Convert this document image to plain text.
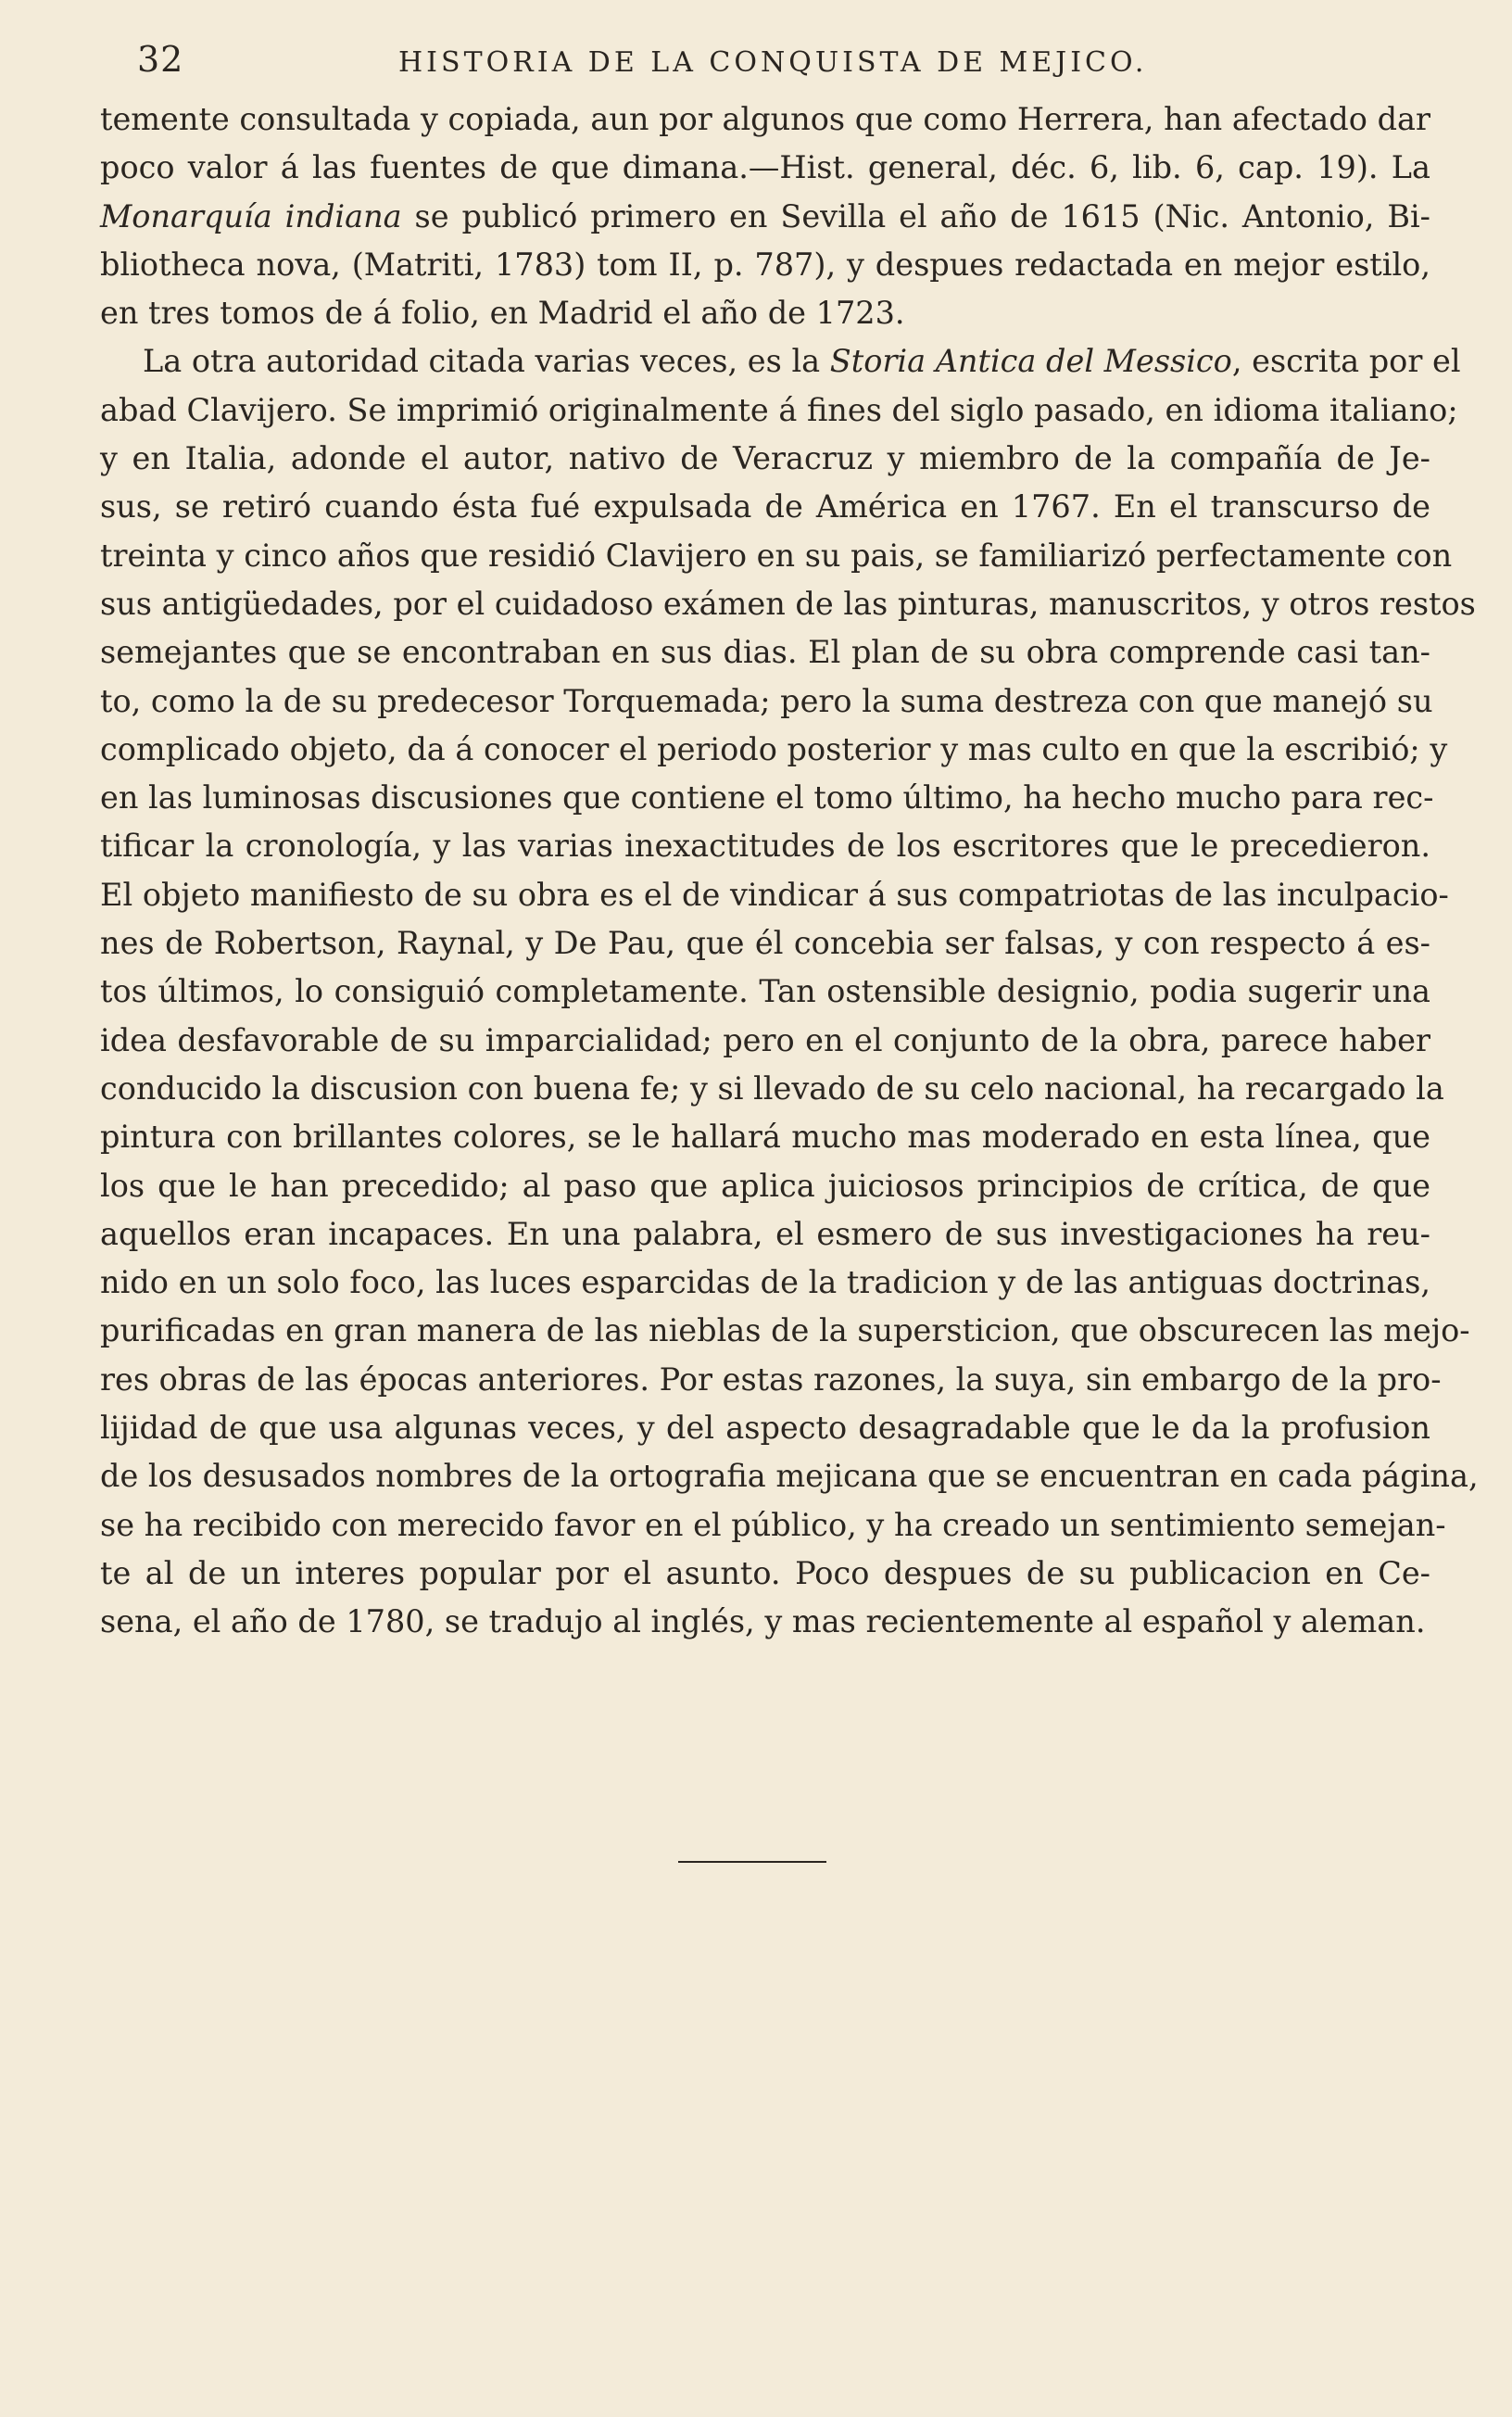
32	HISTORIA DE LA CONQUISTA DE MEJICO.
temente consultada y copiada, aun por algunos que como Herrera, han afectado dar
poco valor á las fuentes de que dimana.—Hist. general, déc. 6, lib. 6, cap. 19). La
Monarquía indiana se publicó primero en Sevilla el año de 1615 (Nic. Antonio, Bi-
bliotheca nova, (Matriti, 1783) tom II, p. 787), y despues redactada en mejor estilo,
en tres tomos de á folio, en Madrid el año de 1723.
La otra autoridad citada varias veces, es la Storia Antica del Messico, escrita por el
abad Clavijero. Se imprimió originalmente á fines del siglo pasado, en idioma italiano;
y en Italia, adonde el autor, nativo de Veracruz y miembro de la compañía de Je-
sus, se retiró cuando ésta fué expulsada de América en 1767. En el transcurso de
treinta y cinco años que residió Clavijero en su pais, se familiarizó perfectamente con
sus antigüedades, por el cuidadoso exámen de las pinturas, manuscritos, y otros restos
semejantes que se encontraban en sus dias. El plan de su obra comprende casi tan-
to, como la de su predecesor Torquemada; pero la suma destreza con que manejó su
complicado objeto, da á conocer el periodo posterior y mas culto en que la escribió; y
en las luminosas discusiones que contiene el tomo último, ha hecho mucho para rec-
tificar la cronología, y las varias inexactitudes de los escritores que le precedieron.
El objeto manifiesto de su obra es el de vindicar á sus compatriotas de las inculpacio-
nes de Robertson, Raynal, y De Pau, que él concebia ser falsas, y con respecto á es-
tos últimos, lo consiguió completamente. Tan ostensible designio, podia sugerir una
idea desfavorable de su imparcialidad; pero en el conjunto de la obra, parece haber
conducido la discusion con buena fe; y si llevado de su celo nacional, ha recargado la
pintura con brillantes colores, se le hallará mucho mas moderado en esta línea, que
los que le han precedido; al paso que aplica juiciosos principios de crítica, de que
aquellos eran incapaces. En una palabra, el esmero de sus investigaciones ha reu-
nido en un solo foco, las luces esparcidas de la tradicion y de las antiguas doctrinas,
purificadas en gran manera de las nieblas de la supersticion, que obscurecen las mejo-
res obras de las épocas anteriores. Por estas razones, la suya, sin embargo de la pro-
lijidad de que usa algunas veces, y del aspecto desagradable que le da la profusion
de los desusados nombres de la ortografia mejicana que se encuentran en cada página,
se ha recibido con merecido favor en el público, y ha creado un sentimiento semejan-
te al de un interes popular por el asunto. Poco despues de su publicacion en Ce-
sena, el año de 1780, se tradujo al inglés, y mas recientemente al español y aleman.
